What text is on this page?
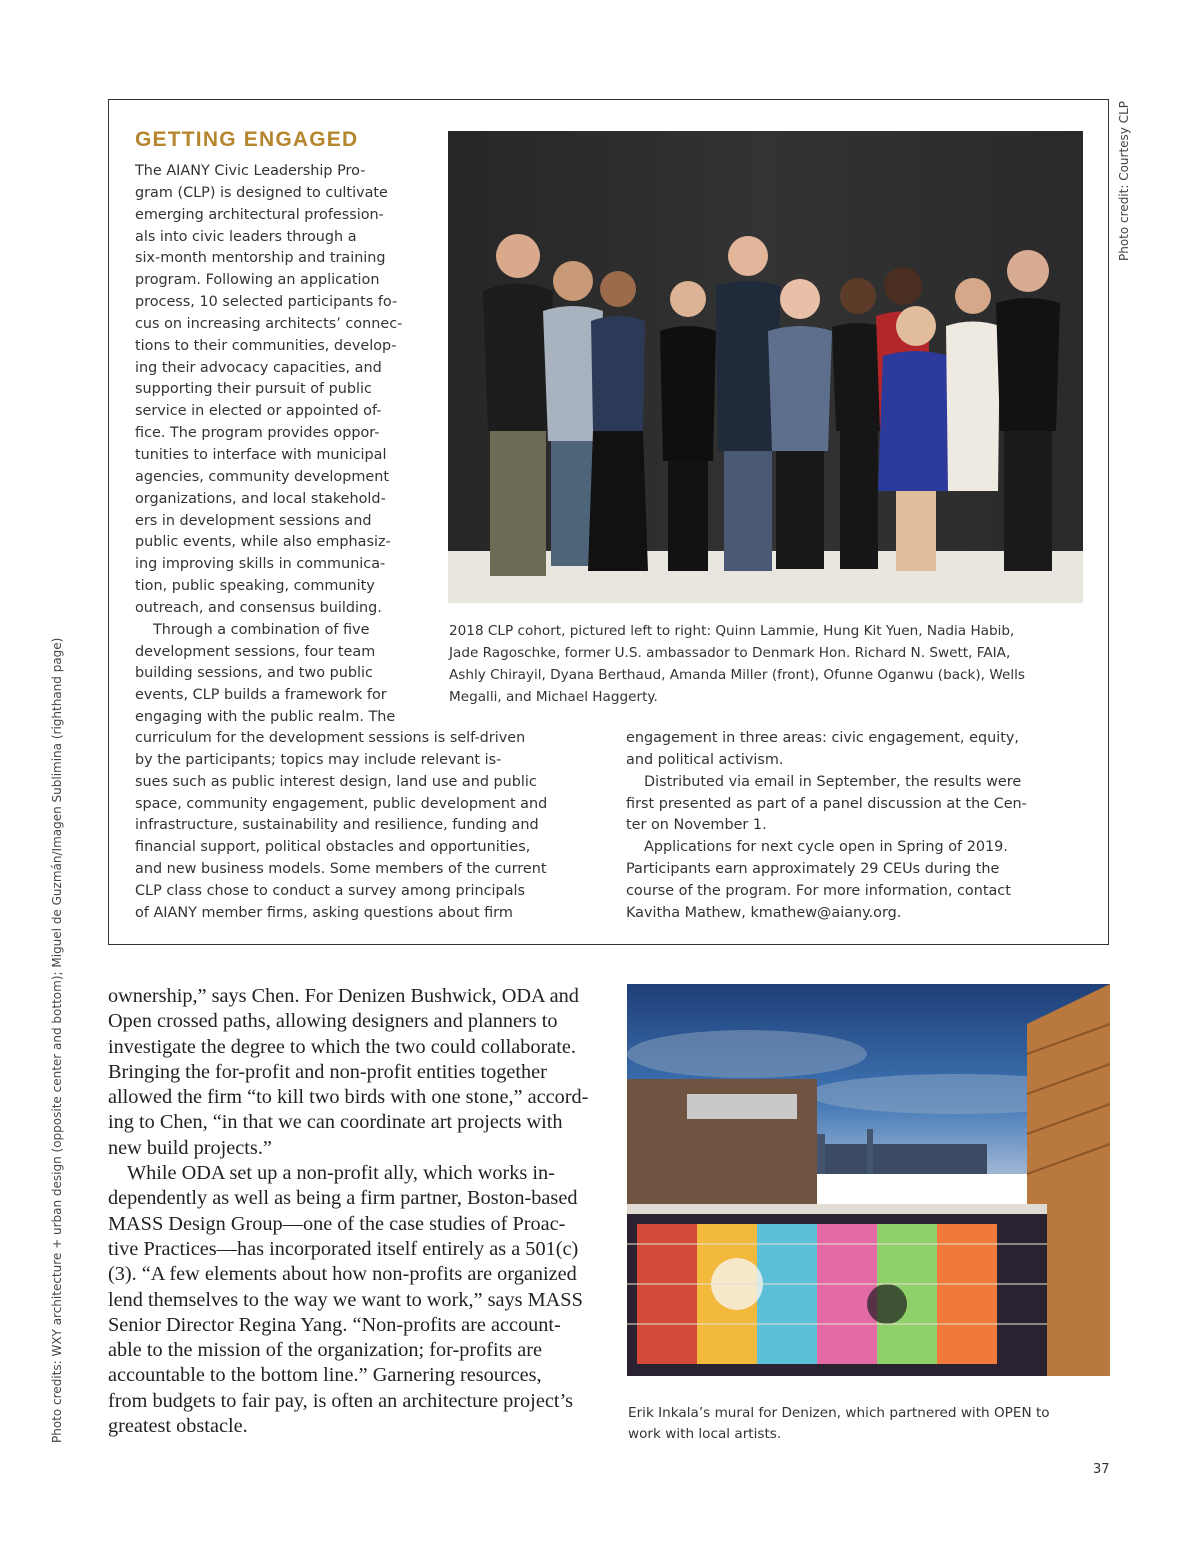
GETTING ENGAGED

The AIANY Civic Leadership Pro-
gram (CLP) is designed to cultivate
emerging architectural profession-
als into civic leaders through a
six-month mentorship and training
program. Following an application
process, 10 selected participants fo-
cus on increasing architects’ connec-
tions to their communities, develop-
ing their advocacy capacities, and
supporting their pursuit of public
service in elected or appointed of-
fice. The program provides oppor-
tunities to interface with municipal
agencies, community development
organizations, and local stakehold-
ers in development sessions and
public events, while also emphasiz-
ing improving skills in communica-
tion, public speaking, community
outreach, and consensus building.
Through a combination of five
development sessions, four team
building sessions, and two public
events, CLP builds a framework for
engaging with the public realm. The

2018 CLP cohort, pictured left to right: Quinn Lammie, Hung Kit Yuen, Nadia Habib,
Jade Ragoschke, former U.S. ambassador to Denmark Hon. Richard N. Swett, FAIA,
Ashly Chirayil, Dyana Berthaud, Amanda Miller (front), Ofunne Oganwu (back), Wells
Megalli, and Michael Haggerty.

curriculum for the development sessions is self-driven
by the participants; topics may include relevant is-
sues such as public interest design, land use and public
space, community engagement, public development and
infrastructure, sustainability and resilience, funding and
financial support, political obstacles and opportunities,
and new business models. Some members of the current
CLP class chose to conduct a survey among principals
of AIANY member firms, asking questions about firm

engagement in three areas: civic engagement, equity,
and political activism.
Distributed via email in September, the results were
first presented as part of a panel discussion at the Cen-
ter on November 1.
Applications for next cycle open in Spring of 2019.
Participants earn approximately 29 CEUs during the
course of the program. For more information, contact
Kavitha Mathew, kmathew@aiany.org.

Photo credit: Courtesy CLP
Photo credits: WXY architecture + urban design (opposite center and bottom); Miguel de Guzmán/Imagen Sublimina (righthand page) ownership,” says Chen. For Denizen Bushwick, ODA and
Open crossed paths, allowing designers and planners to
investigate the degree to which the two could collaborate.
Bringing the for-profit and non-profit entities together
allowed the firm “to kill two birds with one stone,” accord-
ing to Chen, “in that we can coordinate art projects with
new build projects.”
While ODA set up a non-profit ally, which works in-
dependently as well as being a firm partner, Boston-based
MASS Design Group—one of the case studies of Proac-
tive Practices—has incorporated itself entirely as a 501(c)
(3). “A few elements about how non-profits are organized
lend themselves to the way we want to work,” says MASS
Senior Director Regina Yang. “Non-profits are account-
able to the mission of the organization; for-profits are
accountable to the bottom line.” Garnering resources,
from budgets to fair pay, is often an architecture project’s
greatest obstacle.

Erik Inkala’s mural for Denizen, which partnered with OPEN to
work with local artists.

37
